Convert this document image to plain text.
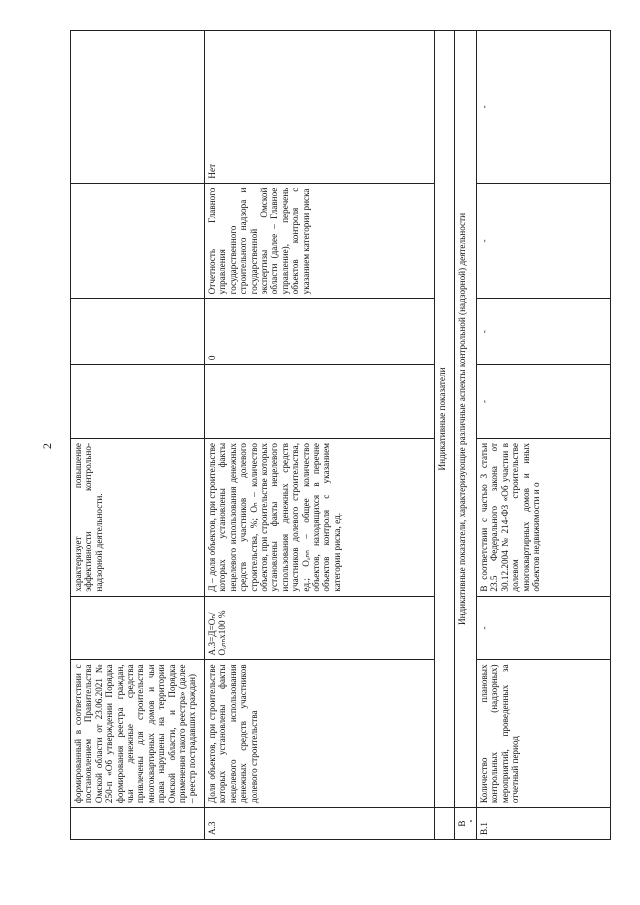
2
формированный в соответствии с постановлением Правительства Омской области от 23.06.2021 № 250-п «Об утверждении Порядка формирования реестра граждан, чьи денежные средства привлечены для строительства многоквартирных домов и чьи права нарушены на территории Омской области, и Порядка применения такого реестра» (далее – реестр пострадавших граждан)
характеризует повышение эффективности контрольно-надзорной деятельности.
А.3
Доля объектов, при строительстве которых установлены факты нецелевого использования денежных средств участников долевого строительства
А.3=Д=Оₙ/Оₒₙₙх100 %
Д – доля объектов, при строительстве которых установлены факты нецелевого использования денежных средств участников долевого строительства, %; Оₙ – количество объектов, при строительстве которых установлены факты нецелевого использования денежных средств участников долевого строительства, ед.; Оₒₙₙ – общее количество объектов, находящихся в перечне объектов контроля с указанием категории риска, ед.
0
Отчетность Главного управления государственного строительного надзора и государственной экспертизы Омской области (далее – Главное управление), перечень объектов контроля с указанием категории риска
Нет
Индикативные показатели
В
Индикативные показатели, характеризующие различные аспекты контрольной (надзорной) деятельности
В.1
Количество плановых контрольных (надзорных) мероприятий, проведенных за отчетный период
-
В соответствии с частью 3 статьи 23.5 Федерального закона от 30.12.2004 № 214-ФЗ «Об участии в долевом строительстве многоквартирных домов и иных объектов недвижимости и о
-
-
-
-
